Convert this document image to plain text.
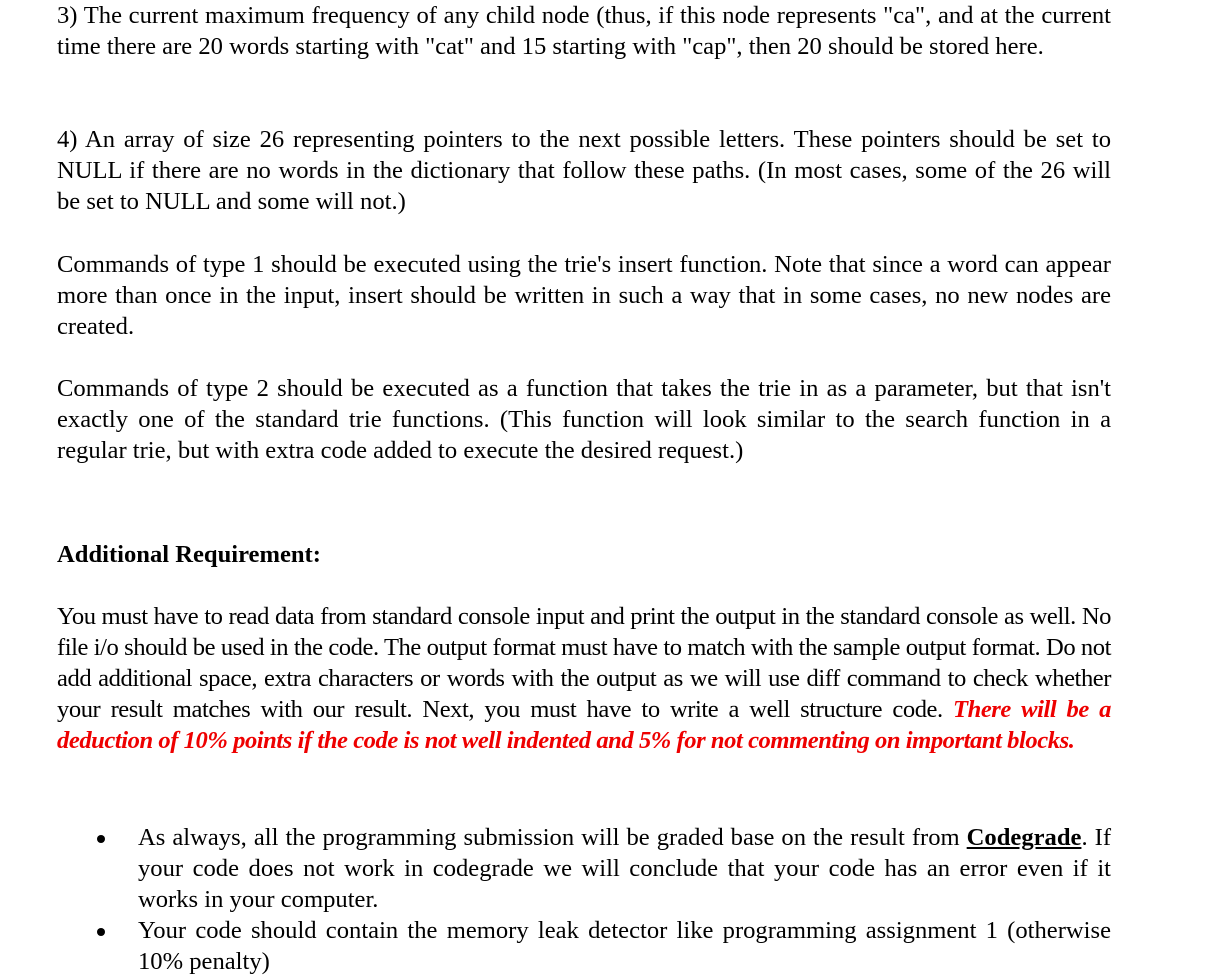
3) The current maximum frequency of any child node (thus, if this node represents "ca", and at the current time there are 20 words starting with "cat" and 15 starting with "cap", then 20 should be stored here.

4) An array of size 26 representing pointers to the next possible letters. These pointers should be set to NULL if there are no words in the dictionary that follow these paths. (In most cases, some of the 26 will be set to NULL and some will not.)

Commands of type 1 should be executed using the trie's insert function. Note that since a word can appear more than once in the input, insert should be written in such a way that in some cases, no new nodes are created.

Commands of type 2 should be executed as a function that takes the trie in as a parameter, but that isn't exactly one of the standard trie functions. (This function will look similar to the search function in a regular trie, but with extra code added to execute the desired request.)

Additional Requirement:

You must have to read data from standard console input and print the output in the standard console as well. No file i/o should be used in the code. The output format must have to match with the sample output format. Do not add additional space, extra characters or words with the output as we will use diff command to check whether your result matches with our result. Next, you must have to write a well structure code. There will be a deduction of 10% points if the code is not well indented and 5% for not commenting on important blocks.

As always, all the programming submission will be graded base on the result from Codegrade. If your code does not work in codegrade we will conclude that your code has an error even if it works in your computer.
Your code should contain the memory leak detector like programming assignment 1 (otherwise 10% penalty)
